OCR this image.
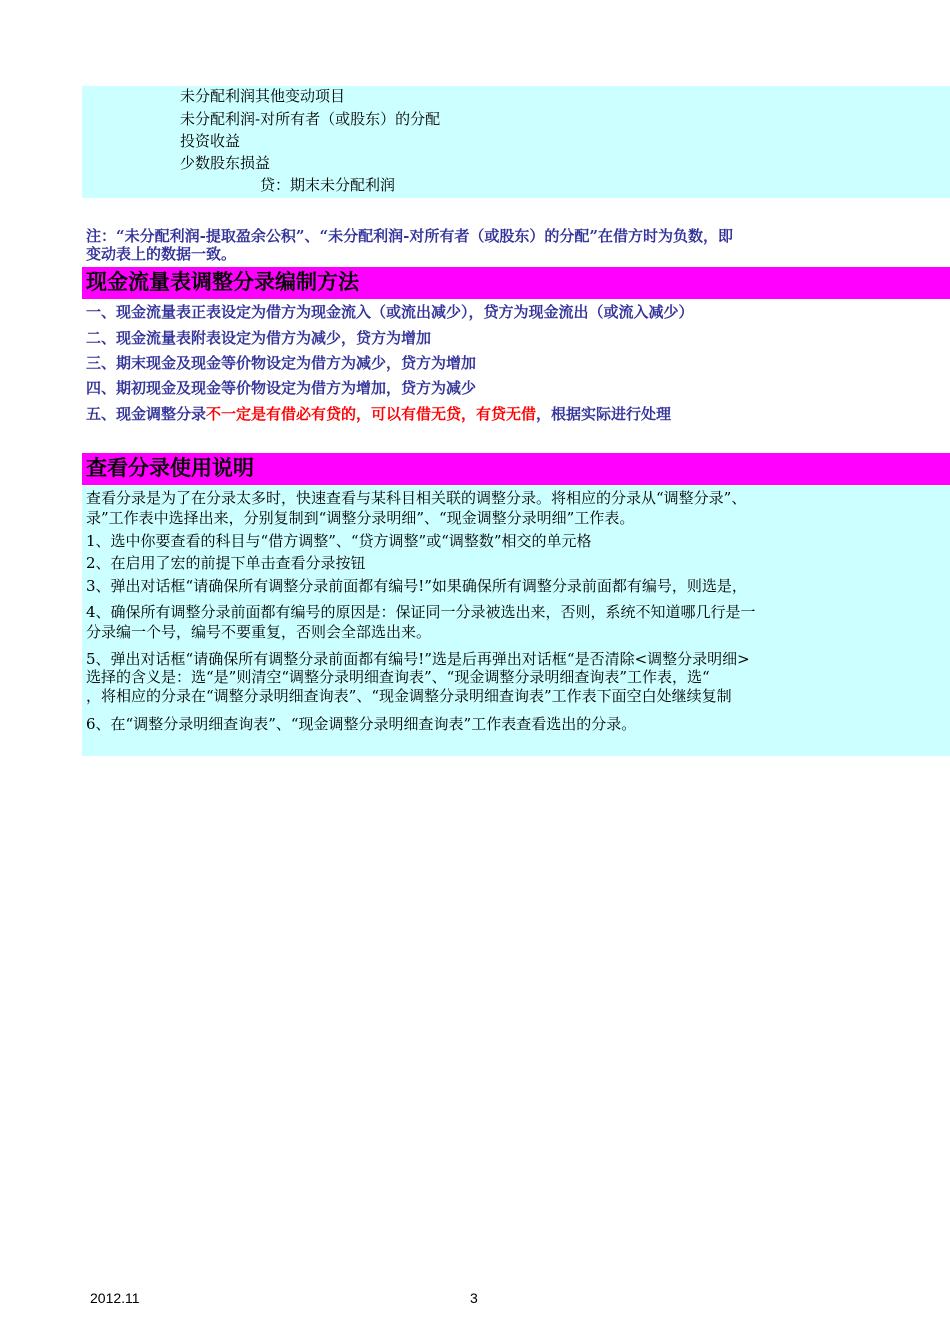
未分配利润其他变动项目
未分配利润-对所有者（或股东）的分配
投资收益
少数股东损益
贷：期末未分配利润
注：“未分配利润-提取盈余公积”、“未分配利润-对所有者（或股东）的分配”在借方时为负数，即
变动表上的数据一致。
现金流量表调整分录编制方法
一、现金流量表正表设定为借方为现金流入（或流出减少），贷方为现金流出（或流入减少）
二、现金流量表附表设定为借方为减少，贷方为增加
三、期末现金及现金等价物设定为借方为减少，贷方为增加
四、期初现金及现金等价物设定为借方为增加，贷方为减少
五、现金调整分录不一定是有借必有贷的，可以有借无贷，有贷无借，根据实际进行处理
查看分录使用说明
查看分录是为了在分录太多时，快速查看与某科目相关联的调整分录。将相应的分录从“调整分录”、
录”工作表中选择出来，分别复制到“调整分录明细”、“现金调整分录明细”工作表。
1、选中你要查看的科目与“借方调整”、“贷方调整”或“调整数”相交的单元格
2、在启用了宏的前提下单击查看分录按钮
3、弹出对话框“请确保所有调整分录前面都有编号!”如果确保所有调整分录前面都有编号，则选是，
4、确保所有调整分录前面都有编号的原因是：保证同一分录被选出来，否则，系统不知道哪几行是一
分录编一个号，编号不要重复，否则会全部选出来。
5、弹出对话框“请确保所有调整分录前面都有编号!”选是后再弹出对话框“是否清除<调整分录明细>
选择的含义是：选“是”则清空“调整分录明细查询表”、“现金调整分录明细查询表”工作表，选“
，将相应的分录在“调整分录明细查询表”、“现金调整分录明细查询表”工作表下面空白处继续复制
6、在“调整分录明细查询表”、“现金调整分录明细查询表”工作表查看选出的分录。
2012.11	3
